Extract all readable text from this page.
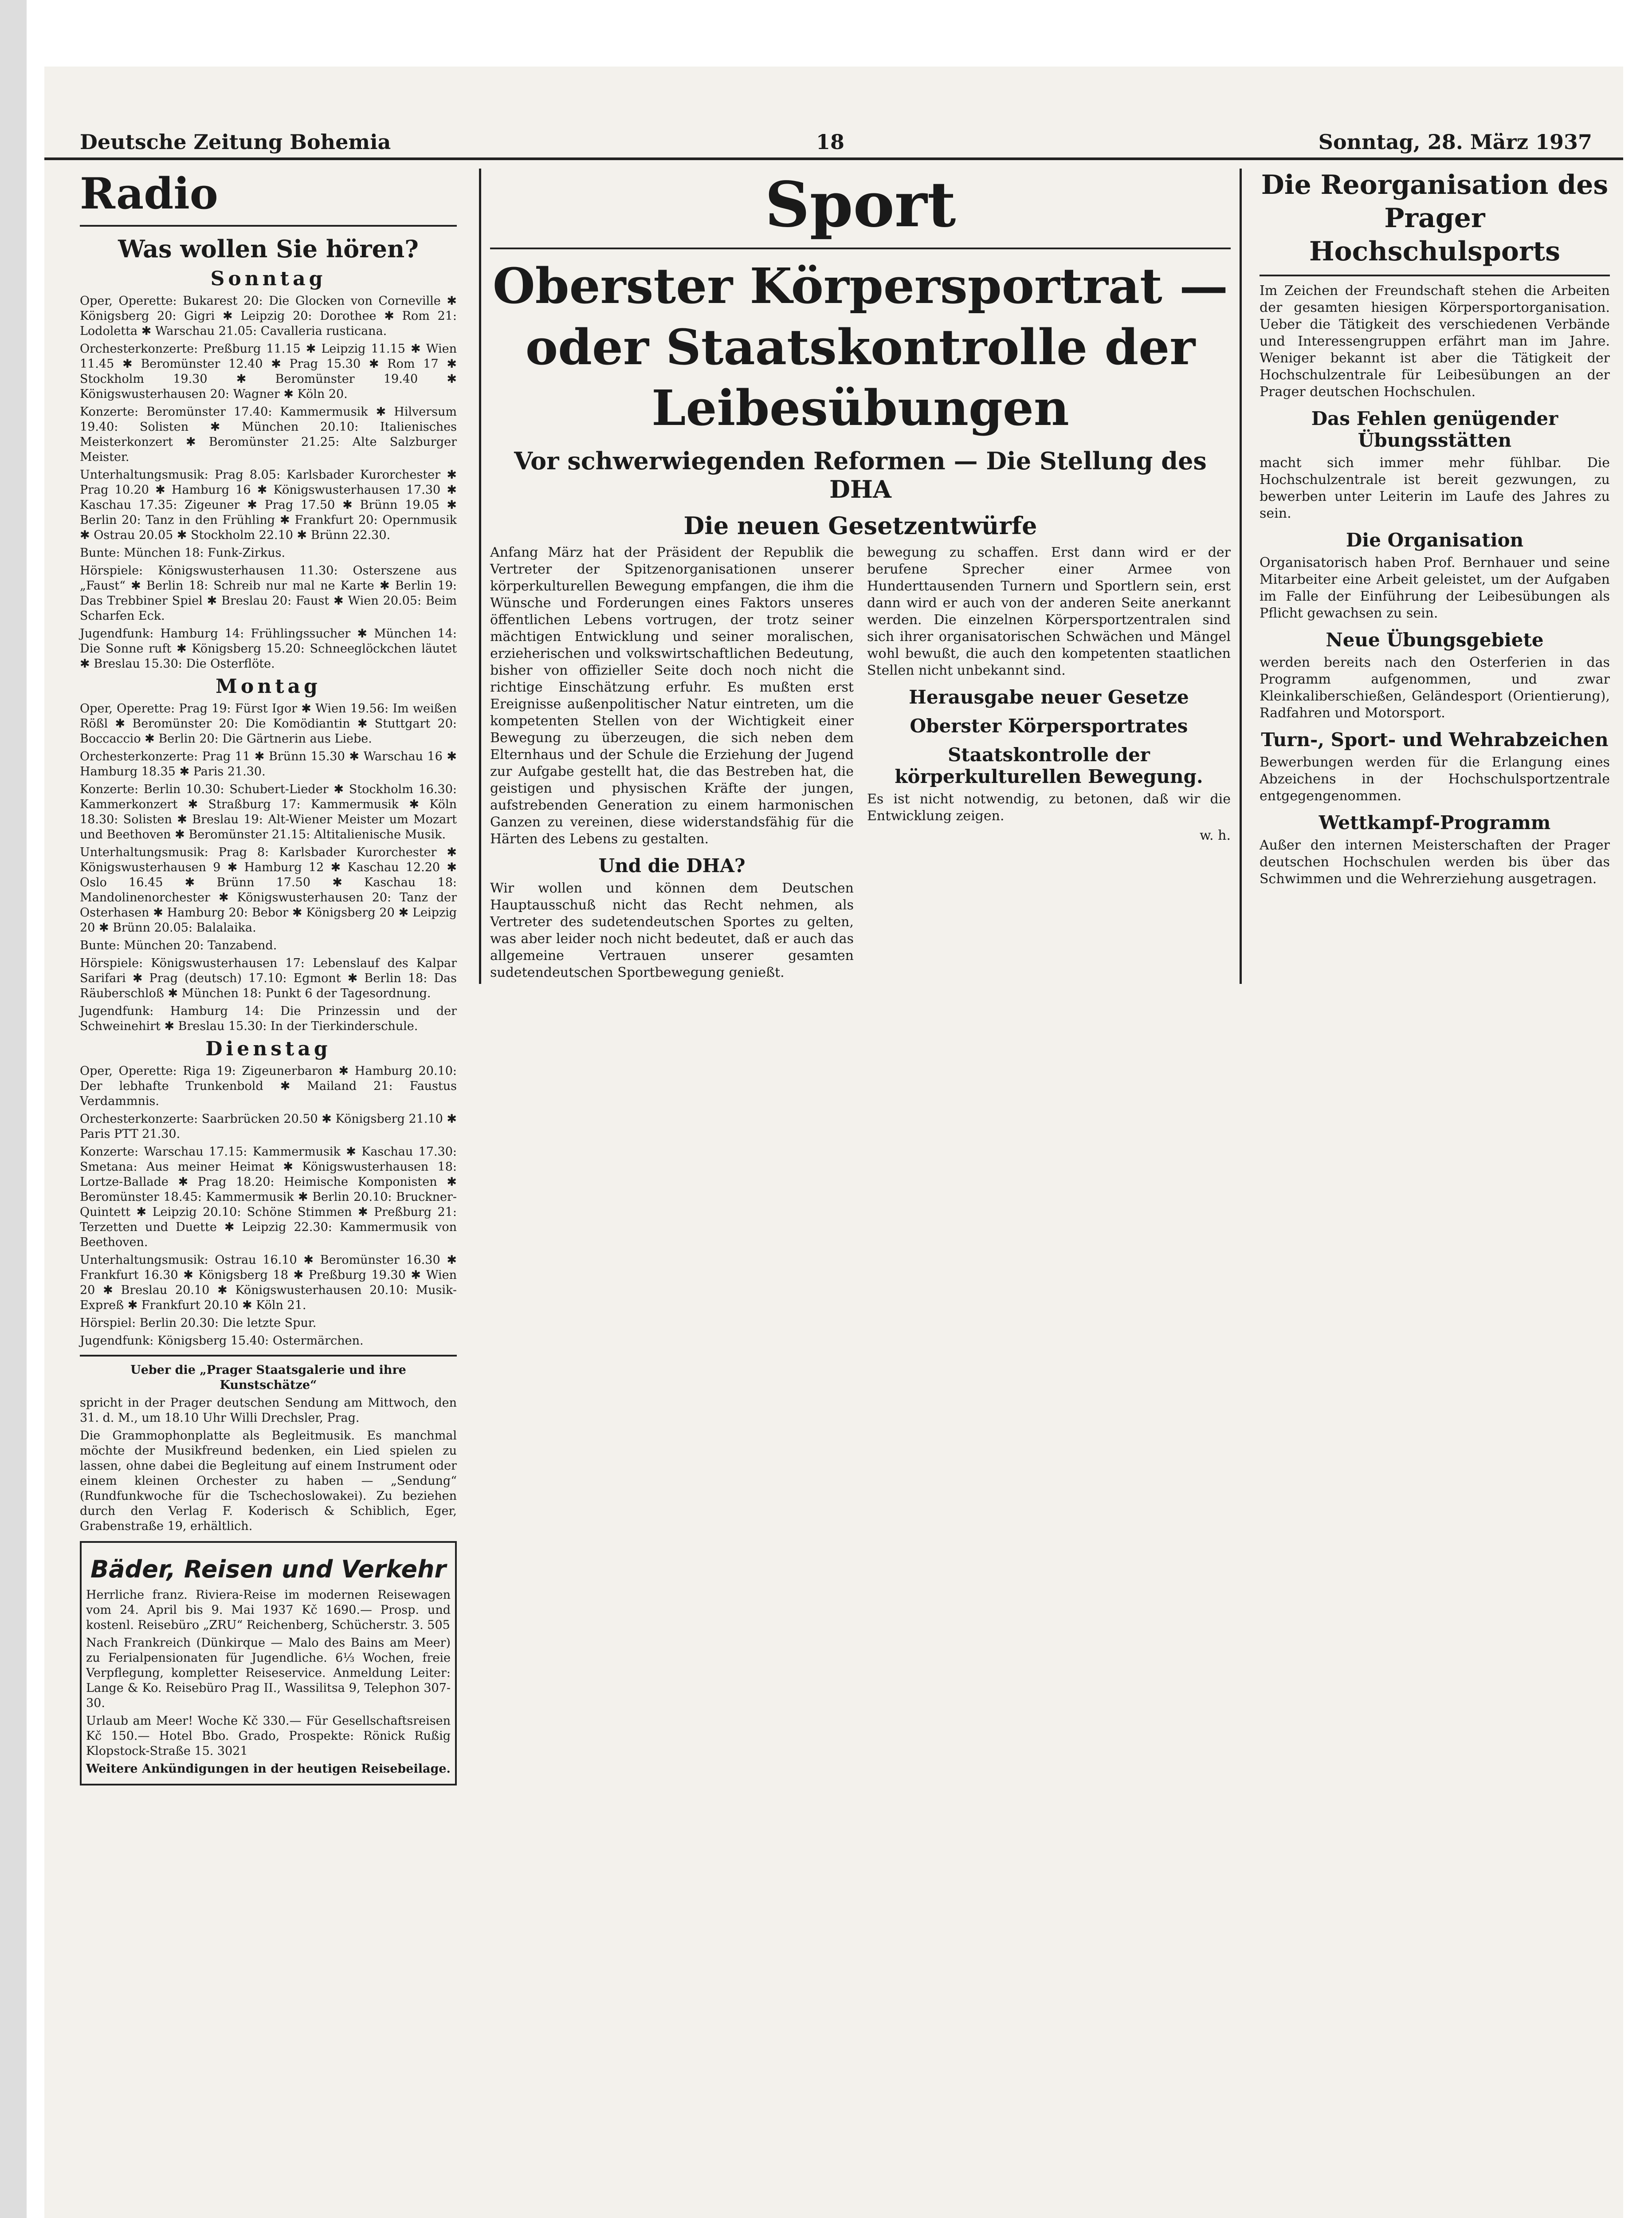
Deutsche Zeitung Bohemia	18	Sonntag, 28. März 1937
Radio
Was wollen Sie hören?
Sonntag

Oper, Operette: Bukarest 20: Die Glocken von Corneville ✱ Königsberg 20: Gigri ✱ Leipzig 20: Dorothee ✱ Rom 21: Lodoletta ✱ Warschau 21.05: Cavalleria rusticana.

Orchesterkonzerte: Preßburg 11.15 ✱ Leipzig 11.15 ✱ Wien 11.45 ✱ Beromünster 12.40 ✱ Prag 15.30 ✱ Rom 17 ✱ Stockholm 19.30 ✱ Beromünster 19.40 ✱ Königswusterhausen 20: Wagner ✱ Köln 20.

Konzerte: Beromünster 17.40: Kammermusik ✱ Hilversum 19.40: Solisten ✱ München 20.10: Italienisches Meisterkonzert ✱ Beromünster 21.25: Alte Salzburger Meister.

Unterhaltungsmusik: Prag 8.05: Karlsbader Kurorchester ✱ Prag 10.20 ✱ Hamburg 16 ✱ Königswusterhausen 17.30 ✱ Kaschau 17.35: Zigeuner ✱ Prag 17.50 ✱ Brünn 19.05 ✱ Berlin 20: Tanz in den Frühling ✱ Frankfurt 20: Opernmusik ✱ Ostrau 20.05 ✱ Stockholm 22.10 ✱ Brünn 22.30.

Bunte: München 18: Funk-Zirkus.

Hörspiele: Königswusterhausen 11.30: Osterszene aus „Faust“ ✱ Berlin 18: Schreib nur mal ne Karte ✱ Berlin 19: Das Trebbiner Spiel ✱ Breslau 20: Faust ✱ Wien 20.05: Beim Scharfen Eck.

Jugendfunk: Hamburg 14: Frühlingssucher ✱ München 14: Die Sonne ruft ✱ Königsberg 15.20: Schneeglöckchen läutet ✱ Breslau 15.30: Die Osterflöte.

Montag

Oper, Operette: Prag 19: Fürst Igor ✱ Wien 19.56: Im weißen Rößl ✱ Beromünster 20: Die Komödiantin ✱ Stuttgart 20: Boccaccio ✱ Berlin 20: Die Gärtnerin aus Liebe.

Orchesterkonzerte: Prag 11 ✱ Brünn 15.30 ✱ Warschau 16 ✱ Hamburg 18.35 ✱ Paris 21.30.

Konzerte: Berlin 10.30: Schubert-Lieder ✱ Stockholm 16.30: Kammerkonzert ✱ Straßburg 17: Kammermusik ✱ Köln 18.30: Solisten ✱ Breslau 19: Alt-Wiener Meister um Mozart und Beethoven ✱ Beromünster 21.15: Altitalienische Musik.

Unterhaltungsmusik: Prag 8: Karlsbader Kurorchester ✱ Königswusterhausen 9 ✱ Hamburg 12 ✱ Kaschau 12.20 ✱ Oslo 16.45 ✱ Brünn 17.50 ✱ Kaschau 18: Mandolinenorchester ✱ Königswusterhausen 20: Tanz der Osterhasen ✱ Hamburg 20: Bebor ✱ Königsberg 20 ✱ Leipzig 20 ✱ Brünn 20.05: Balalaika.

Bunte: München 20: Tanzabend.

Hörspiele: Königswusterhausen 17: Lebenslauf des Kalpar Sarifari ✱ Prag (deutsch) 17.10: Egmont ✱ Berlin 18: Das Räuberschloß ✱ München 18: Punkt 6 der Tagesordnung.

Jugendfunk: Hamburg 14: Die Prinzessin und der Schweinehirt ✱ Breslau 15.30: In der Tierkinderschule.

Dienstag

Oper, Operette: Riga 19: Zigeunerbaron ✱ Hamburg 20.10: Der lebhafte Trunkenbold ✱ Mailand 21: Faustus Verdammnis.

Orchesterkonzerte: Saarbrücken 20.50 ✱ Königsberg 21.10 ✱ Paris PTT 21.30.

Konzerte: Warschau 17.15: Kammermusik ✱ Kaschau 17.30: Smetana: Aus meiner Heimat ✱ Königswusterhausen 18: Lortze-Ballade ✱ Prag 18.20: Heimische Komponisten ✱ Beromünster 18.45: Kammermusik ✱ Berlin 20.10: Bruckner-Quintett ✱ Leipzig 20.10: Schöne Stimmen ✱ Preßburg 21: Terzetten und Duette ✱ Leipzig 22.30: Kammermusik von Beethoven.

Unterhaltungsmusik: Ostrau 16.10 ✱ Beromünster 16.30 ✱ Frankfurt 16.30 ✱ Königsberg 18 ✱ Preßburg 19.30 ✱ Wien 20 ✱ Breslau 20.10 ✱ Königswusterhausen 20.10: Musik-Expreß ✱ Frankfurt 20.10 ✱ Köln 21.

Hörspiel: Berlin 20.30: Die letzte Spur.

Jugendfunk: Königsberg 15.40: Ostermärchen.

Ueber die „Prager Staatsgalerie und ihre Kunstschätze“

spricht in der Prager deutschen Sendung am Mittwoch, den 31. d. M., um 18.10 Uhr Willi Drechsler, Prag.

Die Grammophonplatte als Begleitmusik. Es manchmal möchte der Musikfreund bedenken, ein Lied spielen zu lassen, ohne dabei die Begleitung auf einem Instrument oder einem kleinen Orchester zu haben — „Sendung“ (Rundfunkwoche für die Tschechoslowakei). Zu beziehen durch den Verlag F. Koderisch & Schiblich, Eger, Grabenstraße 19, erhältlich.

Bäder, Reisen und Verkehr

Herrliche franz. Riviera-Reise im modernen Reisewagen vom 24. April bis 9. Mai 1937 Kč 1690.— Prosp. und kostenl. Reisebüro „ZRU“ Reichenberg, Schücherstr. 3. 505

Nach Frankreich (Dünkirque — Malo des Bains am Meer) zu Ferialpensionaten für Jugendliche. 6⅓ Wochen, freie Verpflegung, kompletter Reiseservice. Anmeldung Leiter: Lange & Ko. Reisebüro Prag II., Wassilitsa 9, Telephon 307-30.

Urlaub am Meer! Woche Kč 330.— Für Gesellschaftsreisen Kč 150.— Hotel Bbo. Grado, Prospekte: Rönick Rußig Klopstock-Straße 15. 3021

Weitere Ankündigungen in der heutigen Reisebeilage.

Sport
Oberster Körpersportrat — oder Staatskontrolle der Leibesübungen
Vor schwerwiegenden Reformen — Die Stellung des DHA
Die neuen Gesetzentwürfe

Anfang März hat der Präsident der Republik die Vertreter der Spitzenorganisationen unserer körperkulturellen Bewegung empfangen, die ihm die Wünsche und Forderungen eines Faktors unseres öffentlichen Lebens vortrugen, der trotz seiner mächtigen Entwicklung und seiner moralischen, erzieherischen und volkswirtschaftlichen Bedeutung, bisher von offizieller Seite doch noch nicht die richtige Einschätzung erfuhr. Es mußten erst Ereignisse außenpolitischer Natur eintreten, um die kompetenten Stellen von der Wichtigkeit einer Bewegung zu überzeugen, die sich neben dem Elternhaus und der Schule die Erziehung der Jugend zur Aufgabe gestellt hat, die das Bestreben hat, die geistigen und physischen Kräfte der jungen, aufstrebenden Generation zu einem harmonischen Ganzen zu vereinen, diese widerstandsfähig für die Härten des Lebens zu gestalten.

Und die DHA?

Wir wollen und können dem Deutschen Hauptausschuß nicht das Recht nehmen, als Vertreter des sudetendeutschen Sportes zu gelten, was aber leider noch nicht bedeutet, daß er auch das allgemeine Vertrauen unserer gesamten sudetendeutschen Sportbewegung genießt.

bewegung zu schaffen. Erst dann wird er der berufene Sprecher einer Armee von Hunderttausenden Turnern und Sportlern sein, erst dann wird er auch von der anderen Seite anerkannt werden. Die einzelnen Körpersportzentralen sind sich ihrer organisatorischen Schwächen und Mängel wohl bewußt, die auch den kompetenten staatlichen Stellen nicht unbekannt sind.

Herausgabe neuer Gesetze
Oberster Körpersportrates
Staatskontrolle der körperkulturellen Bewegung.

Es ist nicht notwendig, zu betonen, daß wir die Entwicklung zeigen.

w. h.

Die Reorganisation des Prager Hochschulsports

Im Zeichen der Freundschaft stehen die Arbeiten der gesamten hiesigen Körpersportorganisation. Ueber die Tätigkeit des verschiedenen Verbände und Interessengruppen erfährt man im Jahre. Weniger bekannt ist aber die Tätigkeit der Hochschulzentrale für Leibesübungen an der Prager deutschen Hochschulen.

Das Fehlen genügender Übungsstätten

macht sich immer mehr fühlbar. Die Hochschulzentrale ist bereit gezwungen, zu bewerben unter Leiterin im Laufe des Jahres zu sein.

Die Organisation

Organisatorisch haben Prof. Bernhauer und seine Mitarbeiter eine Arbeit geleistet, um der Aufgaben im Falle der Einführung der Leibesübungen als Pflicht gewachsen zu sein.

Neue Übungsgebiete

werden bereits nach den Osterferien in das Programm aufgenommen, und zwar Kleinkaliberschießen, Geländesport (Orientierung), Radfahren und Motorsport.

Turn-, Sport- und Wehrabzeichen

Bewerbungen werden für die Erlangung eines Abzeichens in der Hochschulsportzentrale entgegengenommen.

Wettkampf-Programm

Außer den internen Meisterschaften der Prager deutschen Hochschulen werden bis über das Schwimmen und die Wehrerziehung ausgetragen.
